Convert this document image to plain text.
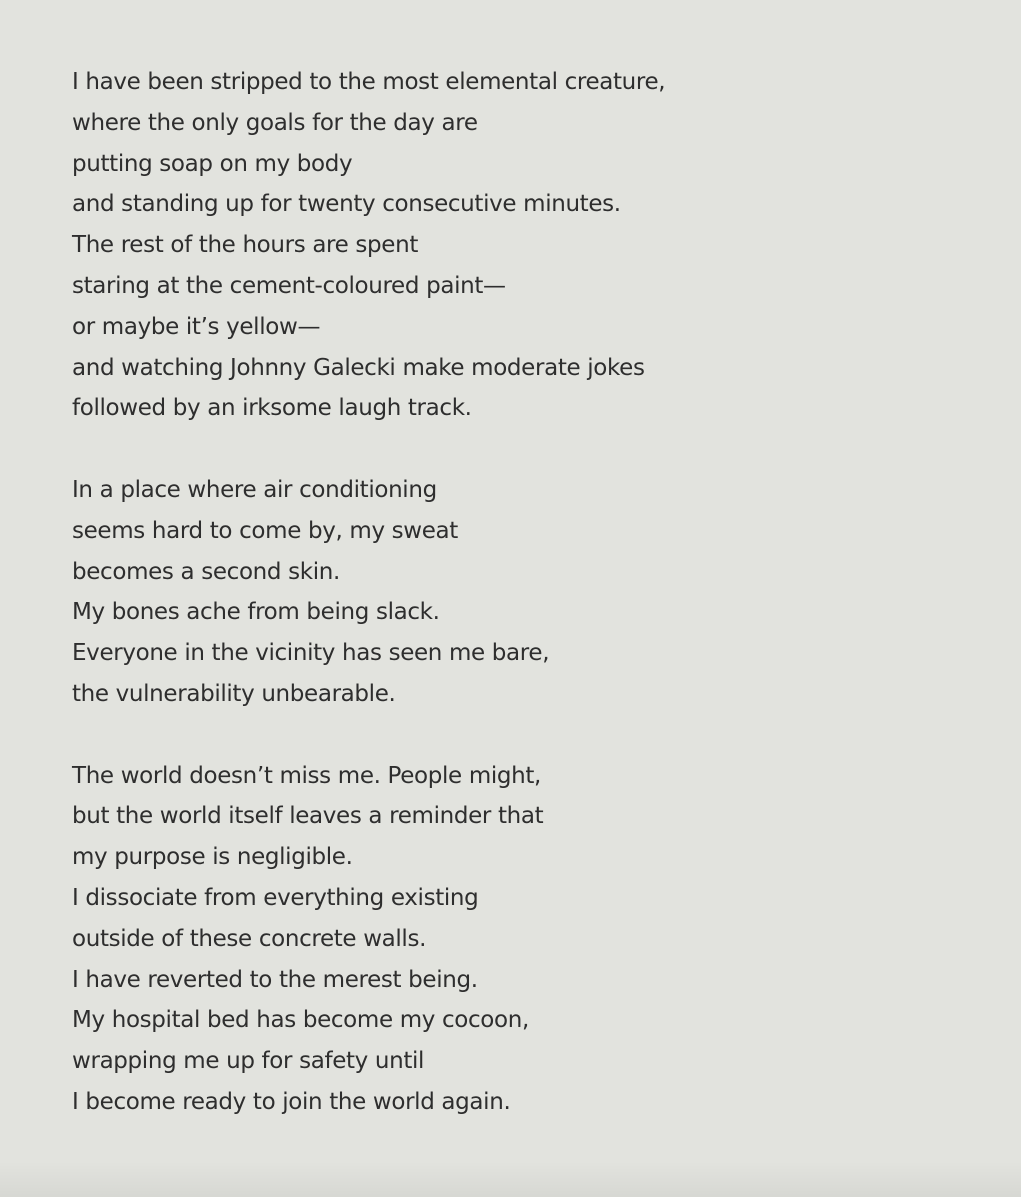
I have been stripped to the most elemental creature,
where the only goals for the day are
putting soap on my body
and standing up for twenty consecutive minutes.
The rest of the hours are spent
staring at the cement-coloured paint—
or maybe it’s yellow—
and watching Johnny Galecki make moderate jokes
followed by an irksome laugh track.

In a place where air conditioning
seems hard to come by, my sweat
becomes a second skin.
My bones ache from being slack.
Everyone in the vicinity has seen me bare,
the vulnerability unbearable.

The world doesn’t miss me. People might,
but the world itself leaves a reminder that
my purpose is negligible.
I dissociate from everything existing
outside of these concrete walls.
I have reverted to the merest being.
My hospital bed has become my cocoon,
wrapping me up for safety until
I become ready to join the world again.
